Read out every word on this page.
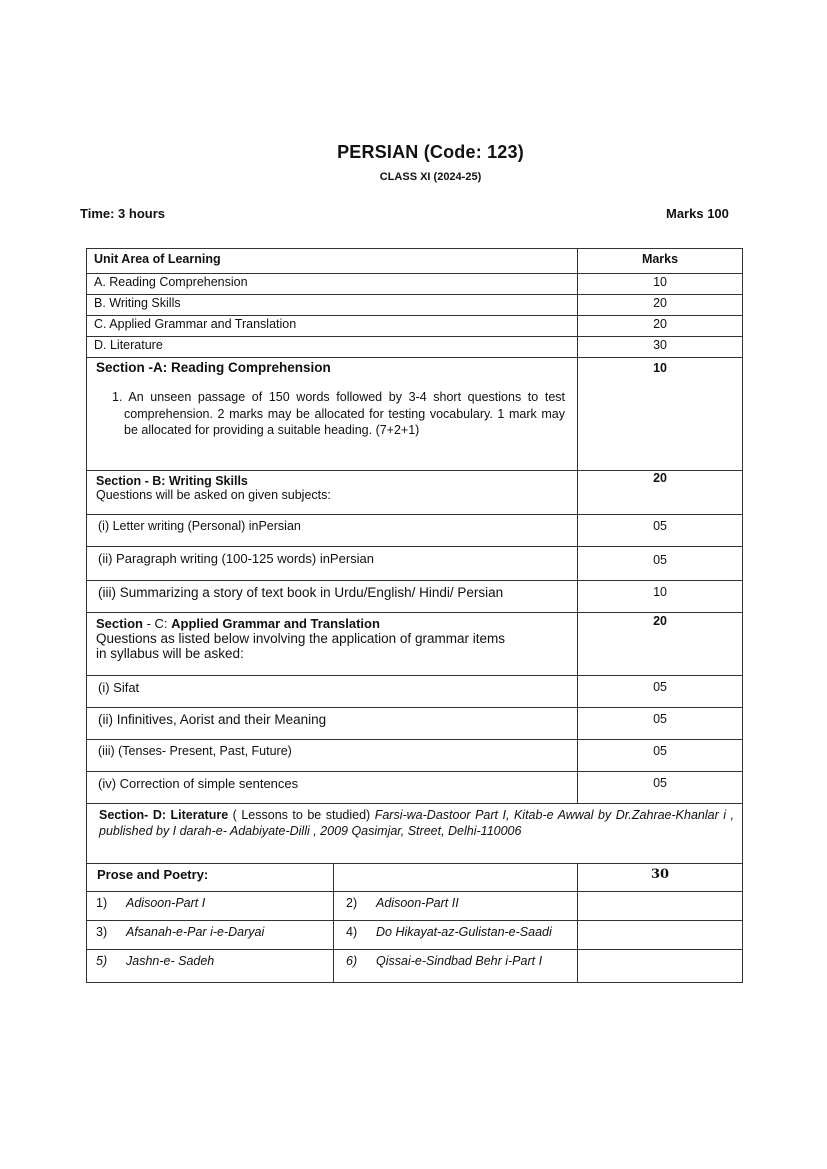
PERSIAN (Code: 123)
CLASS XI (2024-25)
Time: 3 hours	Marks 100
Unit Area of Learning		Marks
A. Reading Comprehension		10
B. Writing Skills		20
C. Applied Grammar and Translation		20
D. Literature		30

Section -A: Reading Comprehension
1. An unseen passage of 150 words followed by 3-4 short questions to test comprehension. 2 marks may be allocated for testing vocabulary. 1 mark may be allocated for providing a suitable heading. (7+2+1)		10

Section - B: Writing Skills
Questions will be asked on given subjects:		20
(i) Letter writing (Personal) inPersian		05
(ii) Paragraph writing (100-125 words) inPersian		05
(iii) Summarizing a story of text book in Urdu/English/ Hindi/ Persian		10

Section - C: Applied Grammar and Translation
Questions as listed below involving the application of grammar items in syllabus will be asked:		20
(i) Sifat		05
(ii) Infinitives, Aorist and their Meaning		05
(iii) (Tenses- Present, Past, Future)		05
(iv) Correction of simple sentences		05
Section- D: Literature ( Lessons to be studied) Farsi-wa-Dastoor Part I, Kitab-e Awwal by Dr.Zahrae-Khanlar i , published by I darah-e- Adabiyate-Dilli , 2009 Qasimjar, Street, Delhi-110006		
Prose and Poetry:		30
1) Adisoon-Part I	2) Adisoon-Part II	
3) Afsanah-e-Par i-e-Daryai	4) Do Hikayat-az-Gulistan-e-Saadi	
5) Jashn-e- Sadeh	6) Qissai-e-Sindbad Behr i-Part I	
